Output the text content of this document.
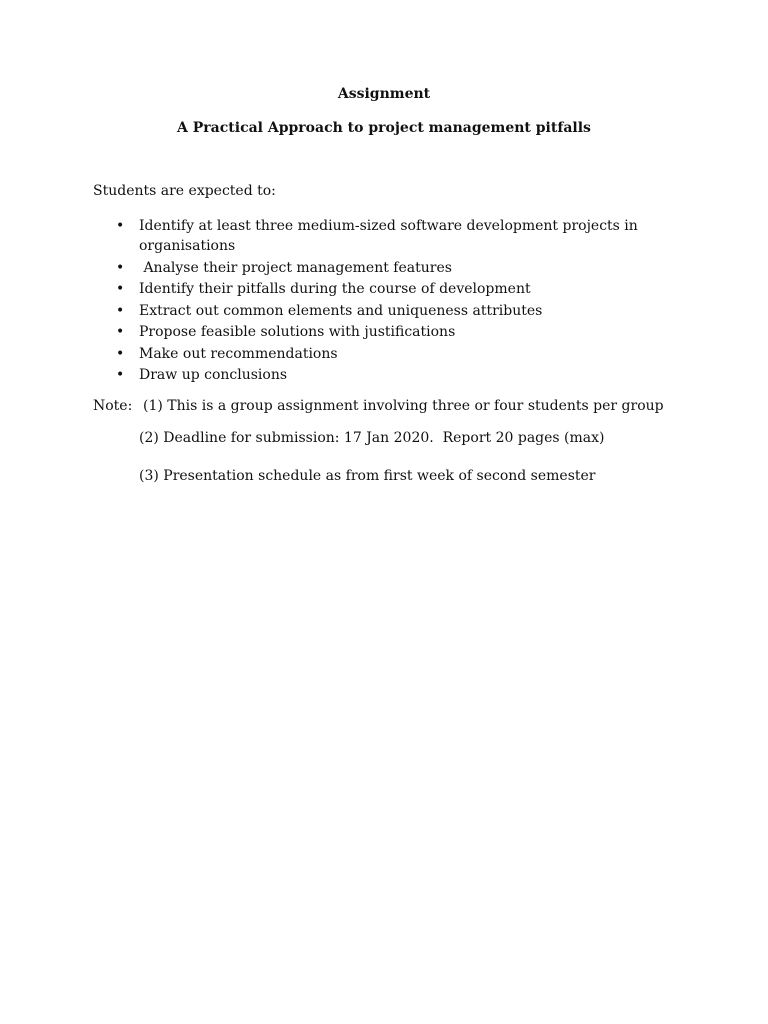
Assignment
A Practical Approach to project management pitfalls
Students are expected to:
• Identify at least three medium-sized software development projects in organisations
• Analyse their project management features
• Identify their pitfalls during the course of development
• Extract out common elements and uniqueness attributes
• Propose feasible solutions with justifications
• Make out recommendations
• Draw up conclusions
Note: (1) This is a group assignment involving three or four students per group
(2) Deadline for submission: 17 Jan 2020.  Report 20 pages (max)
(3) Presentation schedule as from first week of second semester
